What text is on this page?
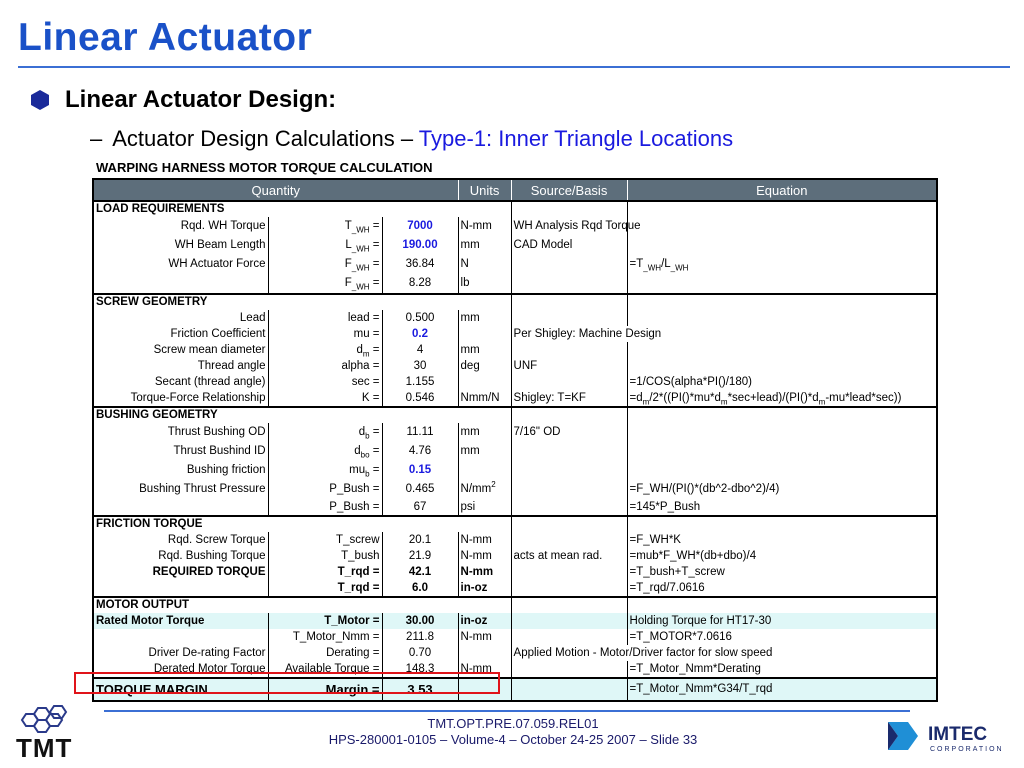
Linear Actuator
Linear Actuator Design:
– Actuator Design Calculations – Type-1: Inner Triangle Locations
WARPING HARNESS MOTOR TORQUE CALCULATION
Quantity			Units	Source/Basis	Equation
LOAD REQUIREMENTS					
Rqd. WH Torque	$T_{\_WH}$ =	7000	N-mm	WH Analysis Rqd Torque	
WH Beam Length	$L_{\_WH}$ =	190.00	mm	CAD Model	
WH Actuator Force	$F_{\_WH}$ =	36.84	N		$=T_{\_WH}/L_{\_WH}$
	$F_{\_WH}$ =	8.28	lb		
SCREW GEOMETRY					
Lead	lead =	0.500	mm		
Friction Coefficient	mu =	0.2		Per Shigley: Machine Design	
Screw mean diameter	$d_m$ =	4	mm		
Thread angle	alpha =	30	deg	UNF	
Secant (thread angle)	sec =	1.155			=1/COS(alpha*PI()/180)
Torque-Force Relationship	K =	0.546	Nmm/N	Shigley: T=KF	$=d_m/2*((PI()*mu*d_m*\sec+lead)/(PI()*d_m-mu*lead*\sec))$
BUSHING GEOMETRY					
Thrust Bushing OD	$d_b$ =	11.11	mm	7/16" OD	
Thrust Bushind ID	$d_{bo}$ =	4.76	mm		
Bushing friction	$mu_b$ =	0.15			
Bushing Thrust Pressure	P_Bush =	0.465	$N/mm^2$		=F_WH/(PI()*(db^2-dbo^2)/4)
	P_Bush =	67	psi		=145*P_Bush
FRICTION TORQUE					
Rqd. Screw Torque	T_screw	20.1	N-mm		=F_WH*K
Rqd. Bushing Torque	T_bush	21.9	N-mm	acts at mean rad.	=mub*F_WH*(db+dbo)/4
REQUIRED TORQUE	T_rqd =	42.1	N-mm		=T_bush+T_screw
	T_rqd =	6.0	in-oz		=T_rqd/7.0616
MOTOR OUTPUT					
Rated Motor Torque	T_Motor =	30.00	in-oz		Holding Torque for HT17-30
	T_Motor_Nmm =	211.8	N-mm		=T_MOTOR*7.0616
Driver De-rating Factor	Derating =	0.70		Applied Motion - Motor/Driver factor for slow speed	
Derated Motor Torque	Available Torque =	148.3	N-mm		=T_Motor_Nmm*Derating
TORQUE MARGIN	Margin =	3.53			=T_Motor_Nmm*G34/T_rqd
TMT.OPT.PRE.07.059.REL01
HPS-280001-0105 – Volume-4 – October 24-25 2007 – Slide 33
TMT	IMTEC
CORPORATION
